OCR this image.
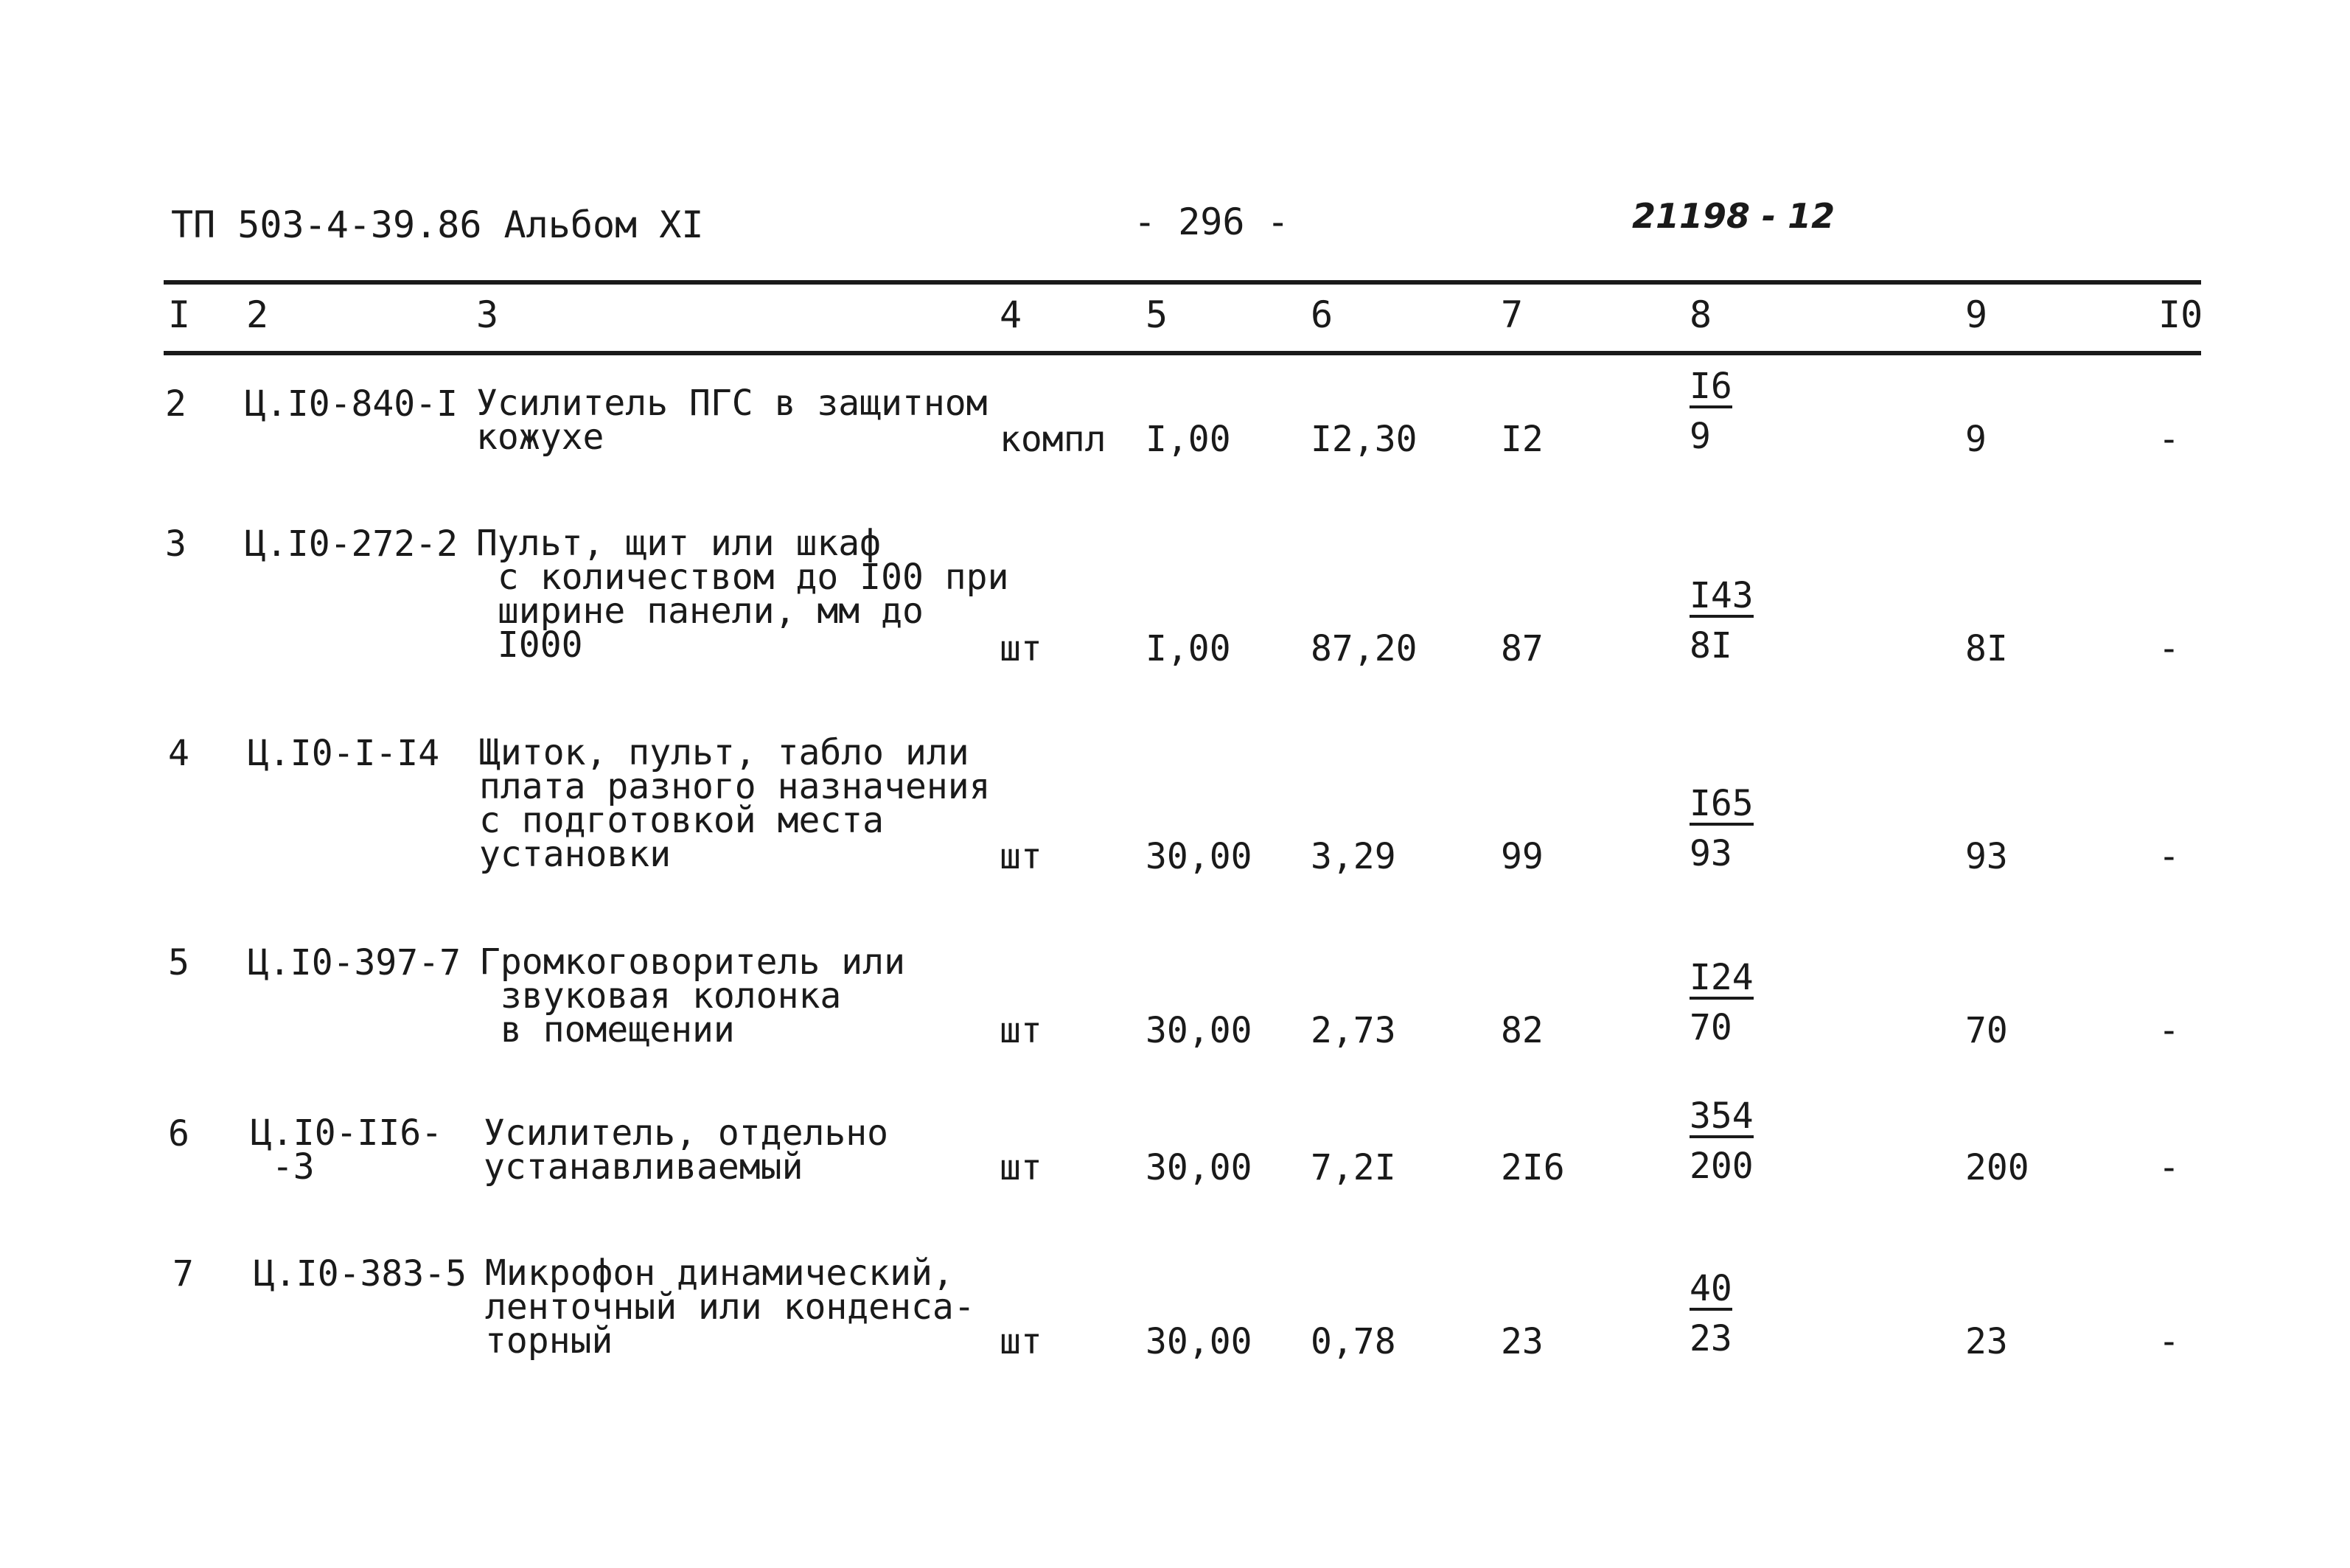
ТП 503-4-39.86 Альбом XI	- 296 -	21198 - 12
I 2	3	4	5	6	7	8	9	I0
2 Ц.I0-840-I Усилитель ПГС в защитном
кожухе	компл I,00 I2,30 I2	$\frac{I6}{9}$	9	-
3 Ц.I0-272-2 Пульт, щит или шкаф
с количеством до I00 при
ширине панели, мм до
I000	шт	I,00 87,20 87	$\frac{I43}{8I}$	8I	-
4 Ц.I0-I-I4 Щиток, пульт, табло или
плата разного назначения
с подготовкой места
установки	шт	30,00 3,29	99	$\frac{I65}{93}$	93	-
5 Ц.I0-397-7 Громкоговоритель или
звуковая колонка
в помещении	шт	30,00 2,73	82	$\frac{I24}{70}$	70	-
6 Ц.I0-II6-
-3
Усилитель, отдельно
устанавливаемый	шт	30,00 7,2I	2I6	$\frac{354}{200}$	200	-
7 Ц.I0-383-5 Микрофон динамический,
ленточный или конденса-
торный	шт	30,00 0,78	23	$\frac{40}{23}$	23	-
